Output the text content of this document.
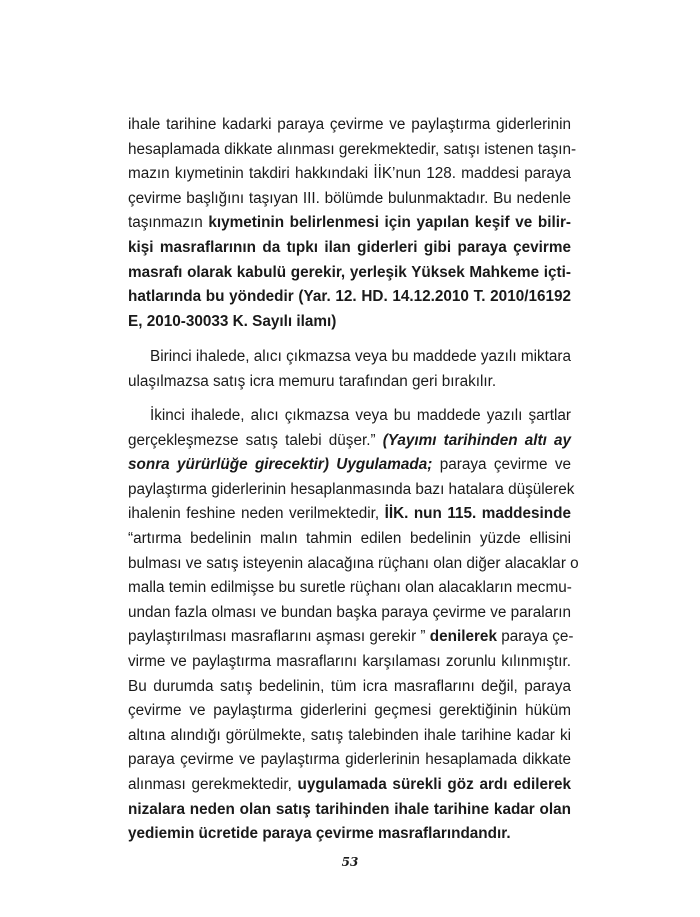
ihale tarihine kadarki paraya çevirme ve paylaştırma giderlerinin
hesaplamada dikkate alınması gerekmektedir, satışı istenen taşın-
mazın kıymetinin takdiri hakkındaki İİK’nun 128. maddesi paraya
çevirme başlığını taşıyan III. bölümde bulunmaktadır. Bu nedenle
taşınmazın kıymetinin belirlenmesi için yapılan keşif ve bilir-
kişi masraflarının da tıpkı ilan giderleri gibi paraya çevirme
masrafı olarak kabulü gerekir, yerleşik Yüksek Mahkeme içti-
hatlarında bu yöndedir (Yar. 12. HD. 14.12.2010 T. 2010/16192
E, 2010-30033 K. Sayılı ilamı)
Birinci ihalede, alıcı çıkmazsa veya bu maddede yazılı miktara
ulaşılmazsa satış icra memuru tarafından geri bırakılır.
İkinci ihalede, alıcı çıkmazsa veya bu maddede yazılı şartlar
gerçekleşmezse satış talebi düşer.” (Yayımı tarihinden altı ay
sonra yürürlüğe girecektir) Uygulamada; paraya çevirme ve
paylaştırma giderlerinin hesaplanmasında bazı hatalara düşülerek
ihalenin feshine neden verilmektedir, İİK. nun 115. maddesinde
“artırma bedelinin malın tahmin edilen bedelinin yüzde ellisini
bulması ve satış isteyenin alacağına rüçhanı olan diğer alacaklar o
malla temin edilmişse bu suretle rüçhanı olan alacakların mecmu-
undan fazla olması ve bundan başka paraya çevirme ve paraların
paylaştırılması masraflarını aşması gerekir ” denilerek paraya çe-
virme ve paylaştırma masraflarını karşılaması zorunlu kılınmıştır.
Bu durumda satış bedelinin, tüm icra masraflarını değil, paraya
çevirme ve paylaştırma giderlerini geçmesi gerektiğinin hüküm
altına alındığı görülmekte, satış talebinden ihale tarihine kadar ki
paraya çevirme ve paylaştırma giderlerinin hesaplamada dikkate
alınması gerekmektedir, uygulamada sürekli göz ardı edilerek
nizalara neden olan satış tarihinden ihale tarihine kadar olan
yediemin ücretide paraya çevirme masraflarındandır.
53
